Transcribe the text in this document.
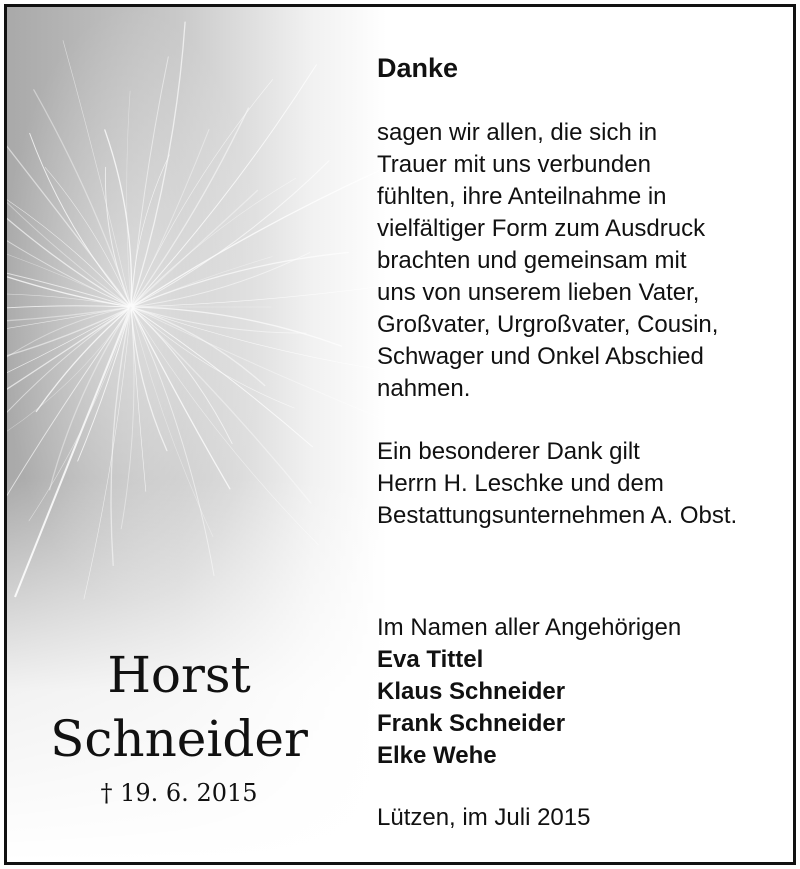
Horst
Schneider
† 19. 6. 2015
Danke
sagen wir allen, die sich in
Trauer mit uns verbunden
fühlten, ihre Anteilnahme in
vielfältiger Form zum Ausdruck
brachten und gemeinsam mit
uns von unserem lieben Vater,
Großvater, Urgroßvater, Cousin,
Schwager und Onkel Abschied
nahmen.
Ein besonderer Dank gilt
Herrn H. Leschke und dem
Bestattungsunternehmen A. Obst.
Im Namen aller Angehörigen
Eva Tittel
Klaus Schneider
Frank Schneider
Elke Wehe
Lützen, im Juli 2015
